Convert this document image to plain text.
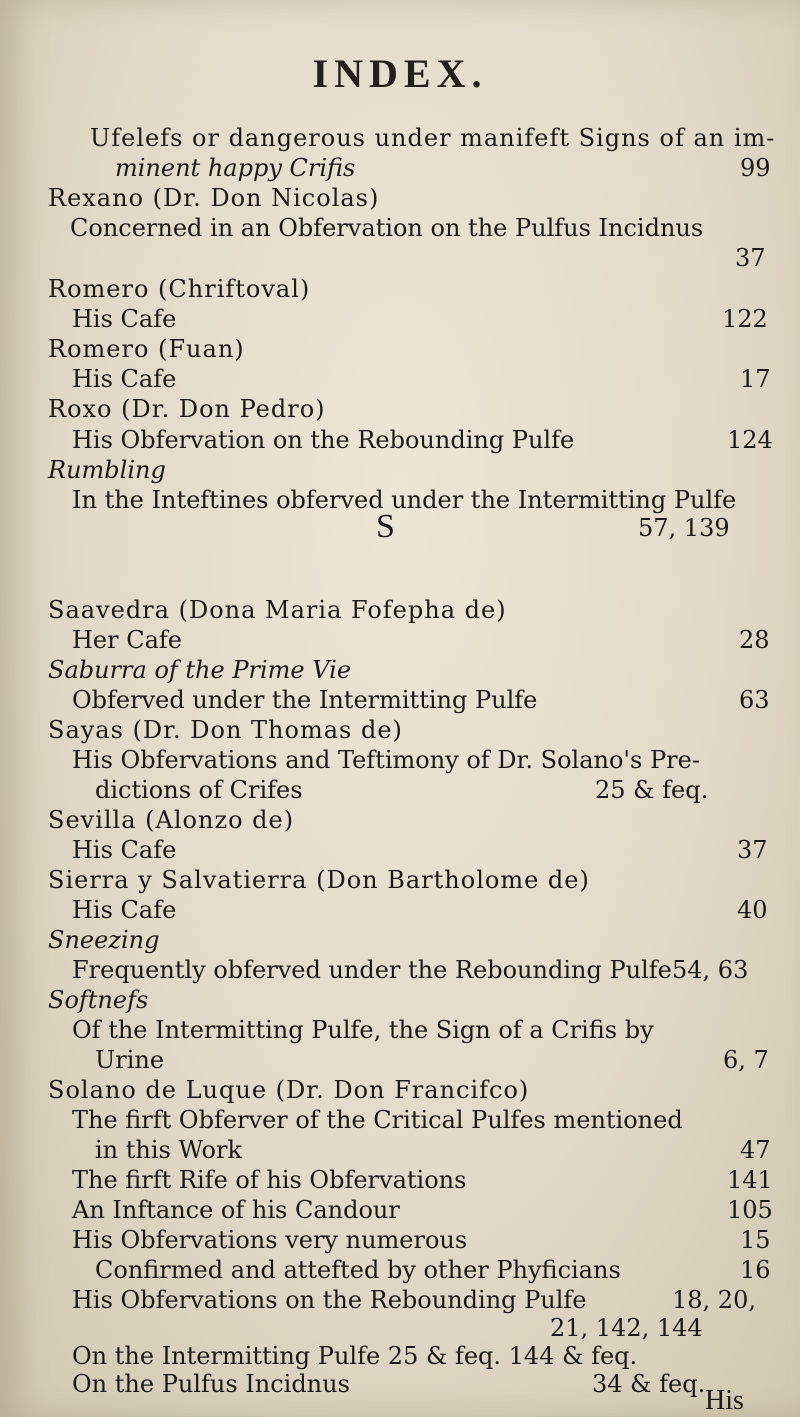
INDEX.
S
Ufelefs or dangerous under manifeft Signs of an im-
minent happy Crifis	99
Rexano (Dr. Don Nicolas)
Concerned in an Obfervation on the Pulfus Incidnus
37
Romero (Chriftoval)
His Cafe	122
Romero (Fuan)
His Cafe	17
Roxo (Dr. Don Pedro)
His Obfervation on the Rebounding Pulfe	124
Rumbling
In the Inteftines obferved under the Intermitting Pulfe
57, 139
Saavedra (Dona Maria Fofepha de)
Her Cafe	28
Saburra of the Prime Vie
Obferved under the Intermitting Pulfe	63
Sayas (Dr. Don Thomas de)
His Obfervations and Teftimony of Dr. Solano's Pre-
dictions of Crifes	25 & feq.
Sevilla (Alonzo de)
His Cafe	37
Sierra y Salvatierra (Don Bartholome de)
His Cafe	40
Sneezing
Frequently obferved under the Rebounding Pulfe 54, 63
Softnefs
Of the Intermitting Pulfe, the Sign of a Crifis by
Urine	6, 7
Solano de Luque (Dr. Don Francifco)
The firft Obferver of the Critical Pulfes mentioned
in this Work	47
The firft Rife of his Obfervations	141
An Inftance of his Candour	105
His Obfervations very numerous	15
Confirmed and attefted by other Phyficians	16
His Obfervations on the Rebounding Pulfe	18, 20,
21, 142, 144
On the Intermitting Pulfe 25 & feq. 144 & feq.
On the Pulfus Incidnus	34 & feq.
His
